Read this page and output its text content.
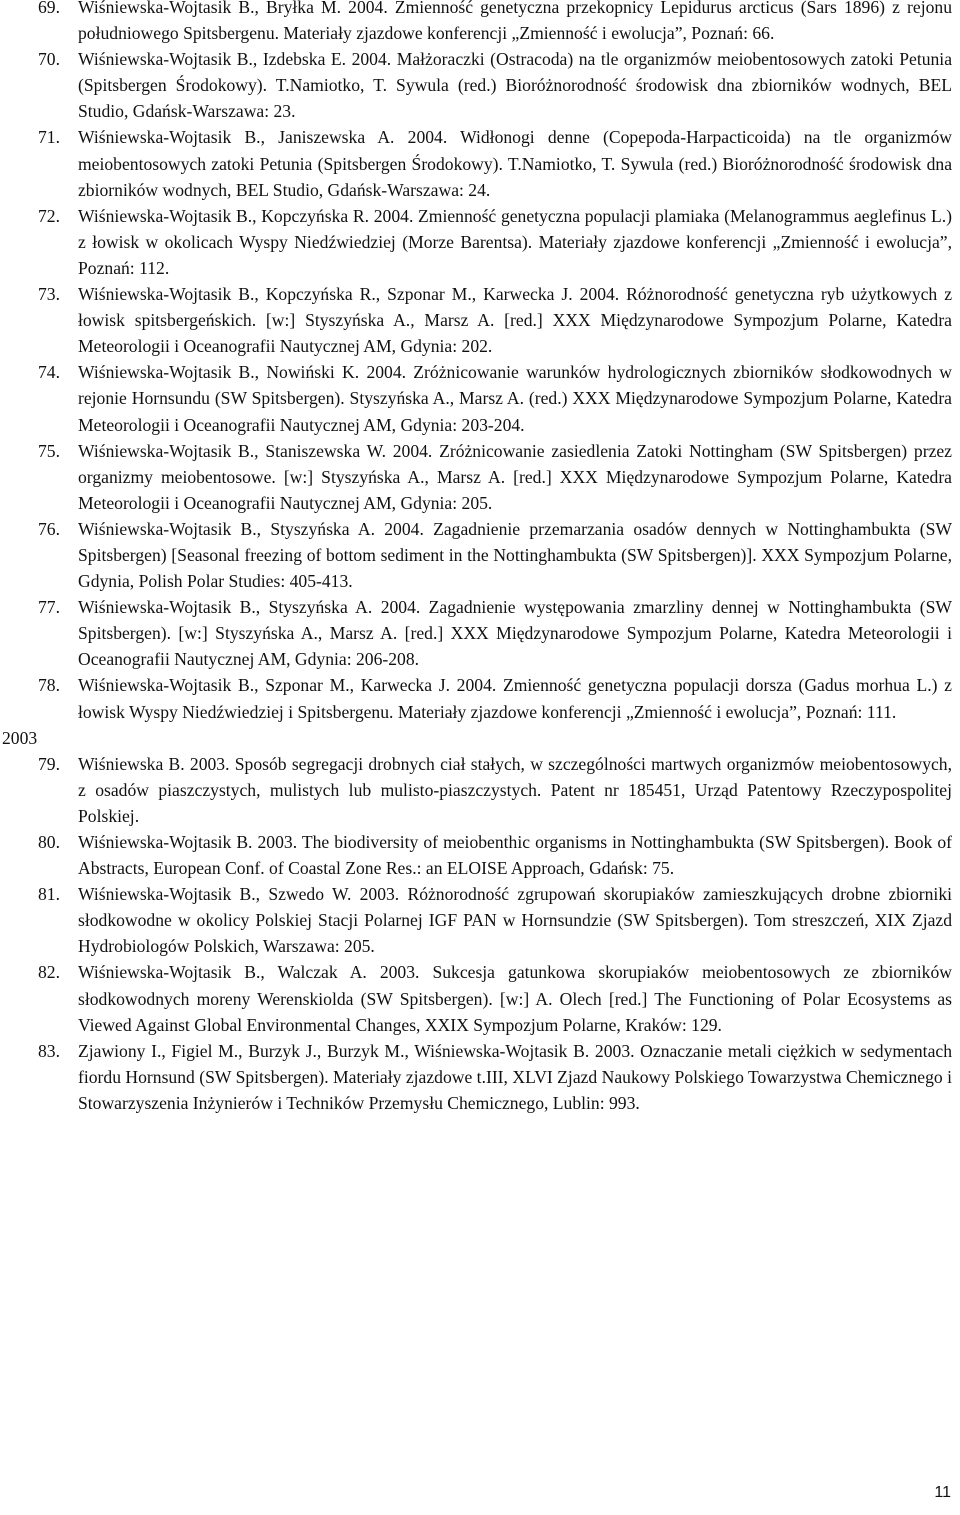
69.	Wiśniewska-Wojtasik B., Bryłka M. 2004. Zmienność genetyczna przekopnicy Lepidurus arcticus (Sars 1896) z rejonu południowego Spitsbergenu. Materiały zjazdowe konferencji „Zmienność i ewolucja”, Poznań: 66.
70.	Wiśniewska-Wojtasik B., Izdebska E. 2004. Małżoraczki (Ostracoda) na tle organizmów meiobentosowych zatoki Petunia (Spitsbergen Środokowy). T.Namiotko, T. Sywula (red.) Bioróżnorodność środowisk dna zbiorników wodnych, BEL Studio, Gdańsk-Warszawa: 23.
71.	Wiśniewska-Wojtasik B., Janiszewska A. 2004. Widłonogi denne (Copepoda-Harpacticoida) na tle organizmów meiobentosowych zatoki Petunia (Spitsbergen Środokowy). T.Namiotko, T. Sywula (red.) Bioróżnorodność środowisk dna zbiorników wodnych, BEL Studio, Gdańsk-Warszawa: 24.
72.	Wiśniewska-Wojtasik B., Kopczyńska R. 2004. Zmienność genetyczna populacji plamiaka (Melanogrammus aeglefinus L.) z łowisk w okolicach Wyspy Niedźwiedziej (Morze Barentsa). Materiały zjazdowe konferencji „Zmienność i ewolucja”, Poznań: 112.
73.	Wiśniewska-Wojtasik B., Kopczyńska R., Szponar M., Karwecka J. 2004. Różnorodność genetyczna ryb użytkowych z łowisk spitsbergeńskich. [w:] Styszyńska A., Marsz A. [red.] XXX Międzynarodowe Sympozjum Polarne, Katedra Meteorologii i Oceanografii Nautycznej AM, Gdynia: 202.
74.	Wiśniewska-Wojtasik B., Nowiński K. 2004. Zróżnicowanie warunków hydrologicznych zbiorników słodkowodnych w rejonie Hornsundu (SW Spitsbergen). Styszyńska A., Marsz A. (red.) XXX Międzynarodowe Sympozjum Polarne, Katedra Meteorologii i Oceanografii Nautycznej AM, Gdynia: 203-204.
75.	Wiśniewska-Wojtasik B., Staniszewska W. 2004. Zróżnicowanie zasiedlenia Zatoki Nottingham (SW Spitsbergen) przez organizmy meiobentosowe. [w:] Styszyńska A., Marsz A. [red.] XXX Międzynarodowe Sympozjum Polarne, Katedra Meteorologii i Oceanografii Nautycznej AM, Gdynia: 205.
76.	Wiśniewska-Wojtasik B., Styszyńska A. 2004. Zagadnienie przemarzania osadów dennych w Nottinghambukta (SW Spitsbergen) [Seasonal freezing of bottom sediment in the Nottinghambukta (SW Spitsbergen)]. XXX Sympozjum Polarne, Gdynia, Polish Polar Studies: 405-413.
77.	Wiśniewska-Wojtasik B., Styszyńska A. 2004. Zagadnienie występowania zmarzliny dennej w Nottinghambukta (SW Spitsbergen). [w:] Styszyńska A., Marsz A. [red.] XXX Międzynarodowe Sympozjum Polarne, Katedra Meteorologii i Oceanografii Nautycznej AM, Gdynia: 206-208.
78.	Wiśniewska-Wojtasik B., Szponar M., Karwecka J. 2004. Zmienność genetyczna populacji dorsza (Gadus morhua L.) z łowisk Wyspy Niedźwiedziej i Spitsbergenu. Materiały zjazdowe konferencji „Zmienność i ewolucja”, Poznań: 111.
2003
79.	Wiśniewska B. 2003. Sposób segregacji drobnych ciał stałych, w szczególności martwych organizmów meiobentosowych, z osadów piaszczystych, mulistych lub mulisto-piaszczystych. Patent nr 185451, Urząd Patentowy Rzeczypospolitej Polskiej.
80.	Wiśniewska-Wojtasik B. 2003. The biodiversity of meiobenthic organisms in Nottinghambukta (SW Spitsbergen). Book of Abstracts, European Conf. of Coastal Zone Res.: an ELOISE Approach, Gdańsk: 75.
81.	Wiśniewska-Wojtasik B., Szwedo W. 2003. Różnorodność zgrupowań skorupiaków zamieszkujących drobne zbiorniki słodkowodne w okolicy Polskiej Stacji Polarnej IGF PAN w Hornsundzie (SW Spitsbergen). Tom streszczeń, XIX Zjazd Hydrobiologów Polskich, Warszawa: 205.
82.	Wiśniewska-Wojtasik B., Walczak A. 2003. Sukcesja gatunkowa skorupiaków meiobentosowych ze zbiorników słodkowodnych moreny Werenskiolda (SW Spitsbergen). [w:] A. Olech [red.] The Functioning of Polar Ecosystems as Viewed Against Global Environmental Changes, XXIX Sympozjum Polarne, Kraków: 129.
83.	Zjawiony I., Figiel M., Burzyk J., Burzyk M., Wiśniewska-Wojtasik B. 2003. Oznaczanie metali ciężkich w sedymentach fiordu Hornsund (SW Spitsbergen). Materiały zjazdowe t.III, XLVI Zjazd Naukowy Polskiego Towarzystwa Chemicznego i Stowarzyszenia Inżynierów i Techników Przemysłu Chemicznego, Lublin: 993.
11
